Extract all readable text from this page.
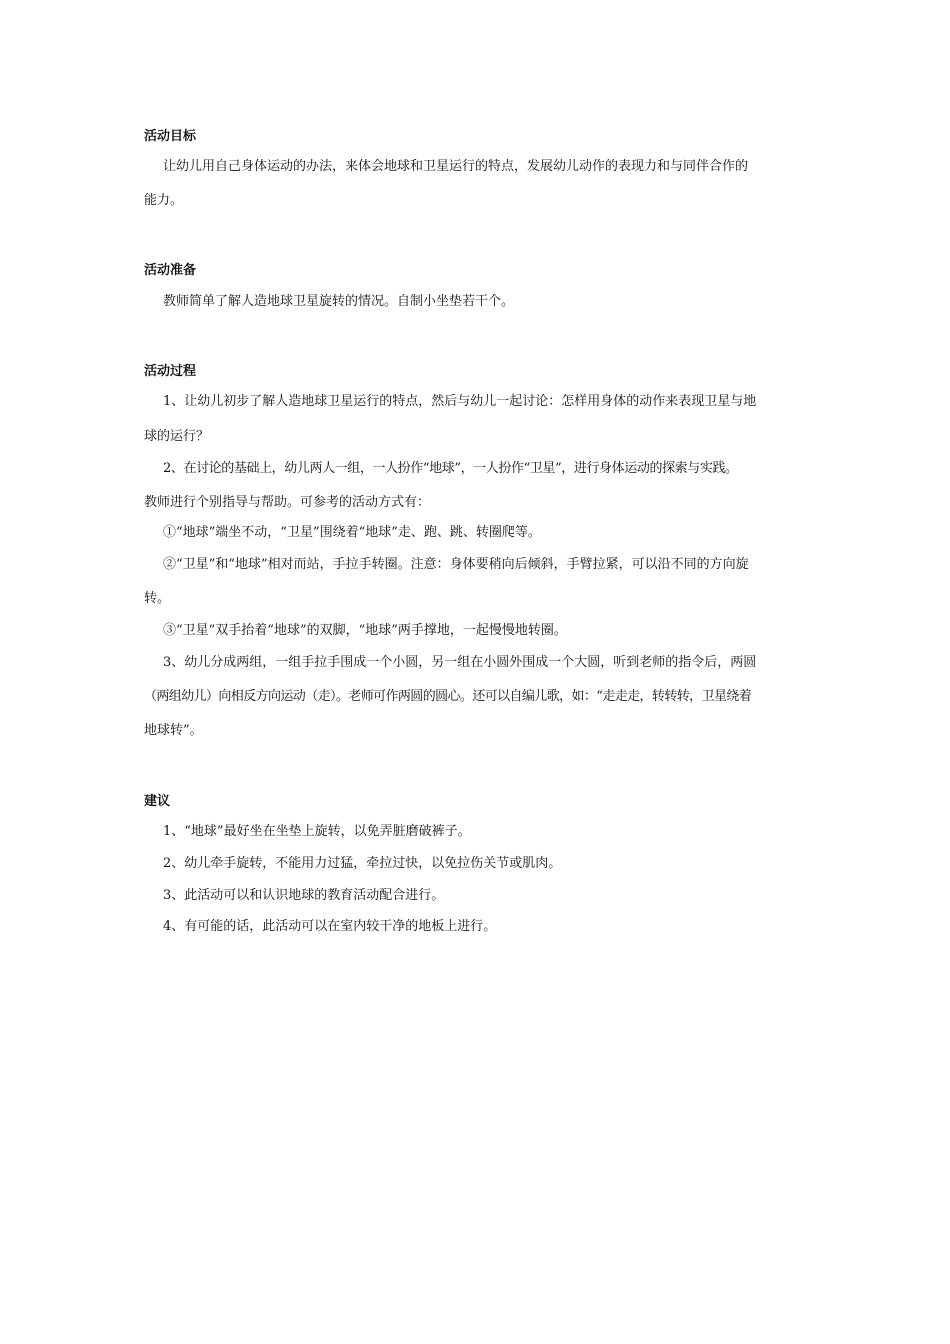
活动目标

让幼儿用自己身体运动的办法，来体会地球和卫星运行的特点，发展幼儿动作的表现力和与同伴合作的

能力。

活动准备

教师简单了解人造地球卫星旋转的情况。自制小坐垫若干个。

活动过程

1、让幼儿初步了解人造地球卫星运行的特点，然后与幼儿一起讨论：怎样用身体的动作来表现卫星与地

球的运行？

2、在讨论的基础上，幼儿两人一组，一人扮作“地球”，一人扮作“卫星”，进行身体运动的探索与实践。

教师进行个别指导与帮助。可参考的活动方式有：

①“地球”端坐不动，“卫星”围绕着“地球”走、跑、跳、转圈爬等。

②“卫星”和“地球”相对而站，手拉手转圈。注意：身体要稍向后倾斜，手臂拉紧，可以沿不同的方向旋

转。

③“卫星”双手抬着“地球”的双脚，“地球”两手撑地，一起慢慢地转圈。

3、幼儿分成两组，一组手拉手围成一个小圆，另一组在小圆外围成一个大圆，听到老师的指令后，两圆

（两组幼儿）向相反方向运动（走）。老师可作两圆的圆心。还可以自编儿歌，如：“走走走，转转转，卫星绕着

地球转”。

建议

1、“地球”最好坐在坐垫上旋转，以免弄脏磨破裤子。

2、幼儿牵手旋转，不能用力过猛，牵拉过快，以免拉伤关节或肌肉。

3、此活动可以和认识地球的教育活动配合进行。

4、有可能的话，此活动可以在室内较干净的地板上进行。
